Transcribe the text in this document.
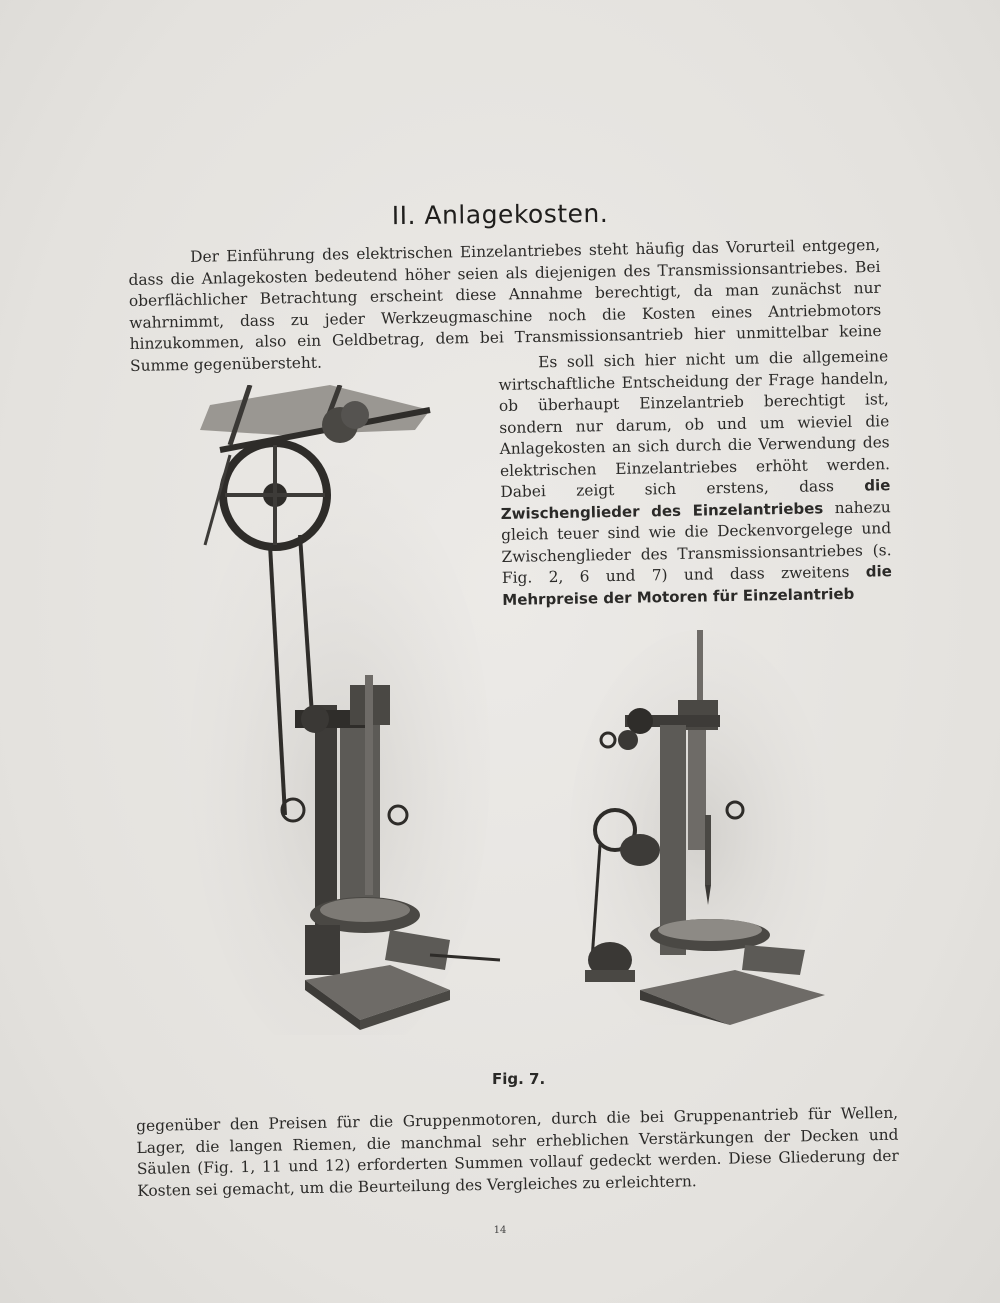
II. Anlagekosten.

Der Einführung des elektrischen Einzelantriebes steht häufig das Vorurteil entgegen, dass die Anlagekosten bedeutend höher seien als diejenigen des Transmissionsantriebes. Bei oberflächlicher Betrachtung erscheint diese Annahme berechtigt, da man zunächst nur wahrnimmt, dass zu jeder Werkzeugmaschine noch die Kosten eines Antriebmotors hinzukommen, also ein Geldbetrag, dem bei Transmissionsantrieb hier unmittelbar keine Summe gegenübersteht.	Es soll sich hier nicht um die allgemeine wirtschaftliche Entscheidung der Frage handeln, ob überhaupt Einzelantrieb berechtigt ist, sondern nur darum, ob und um wieviel die Anlagekosten an sich durch die Verwendung des elektrischen Einzelantriebes erhöht werden. Dabei zeigt sich erstens, dass die Zwischenglieder des Einzelantriebes nahezu gleich teuer sind wie die Deckenvorgelege und Zwischenglieder des Transmissionsantriebes (s. Fig. 2, 6 und 7) und dass zweitens die Mehrpreise der Motoren für Einzelantrieb

Fig. 7.

gegenüber den Preisen für die Gruppenmotoren, durch die bei Gruppenantrieb für Wellen, Lager, die langen Riemen, die manchmal sehr erheblichen Verstärkungen der Decken und Säulen (Fig. 1, 11 und 12) erforderten Summen vollauf gedeckt werden. Diese Gliederung der Kosten sei gemacht, um die Beurteilung des Vergleiches zu erleichtern.

14
